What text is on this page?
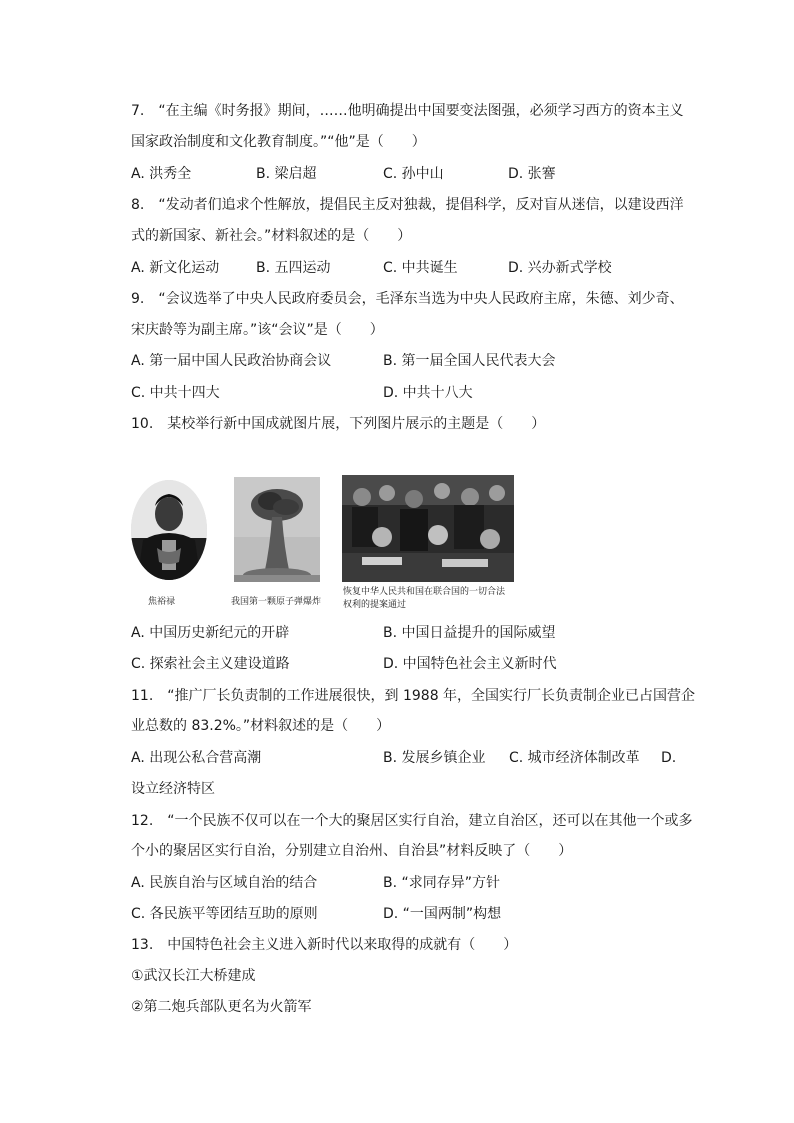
7.　“在主编《时务报》期间，……他明确提出中国要变法图强，必须学习西方的资本主义
国家政治制度和文化教育制度。”“他”是（　　）
A. 洪秀全	B. 梁启超	C. 孙中山	D. 张謇
8.　“发动者们追求个性解放，提倡民主反对独裁，提倡科学，反对盲从迷信，以建设西洋
式的新国家、新社会。”材料叙述的是（　　）
A. 新文化运动	B. 五四运动	C. 中共诞生	D. 兴办新式学校
9.　“会议选举了中央人民政府委员会，毛泽东当选为中央人民政府主席，朱德、刘少奇、
宋庆龄等为副主席。”该“会议”是（　　）
A. 第一届中国人民政治协商会议	B. 第一届全国人民代表大会
C. 中共十四大	D. 中共十八大
10.　某校举行新中国成就图片展，下列图片展示的主题是（　　）
焦裕禄	我国第一颗原子弹爆炸
恢复中华人民共和国在联合国的一切合法
权利的提案通过
A. 中国历史新纪元的开辟	B. 中国日益提升的国际威望
C. 探索社会主义建设道路	D. 中国特色社会主义新时代
11.　“推广厂长负责制的工作进展很快，到 1988 年，全国实行厂长负责制企业已占国营企
业总数的 83.2%。”材料叙述的是（　　）
A. 出现公私合营高潮	B. 发展乡镇企业 C. 城市经济体制改革 D.
设立经济特区
12.　“一个民族不仅可以在一个大的聚居区实行自治，建立自治区，还可以在其他一个或多
个小的聚居区实行自治，分别建立自治州、自治县”材料反映了（　　）
A. 民族自治与区域自治的结合	B. “求同存异”方针
C. 各民族平等团结互助的原则	D. “一国两制”构想
13.　中国特色社会主义进入新时代以来取得的成就有（　　）
①武汉长江大桥建成
②第二炮兵部队更名为火箭军
